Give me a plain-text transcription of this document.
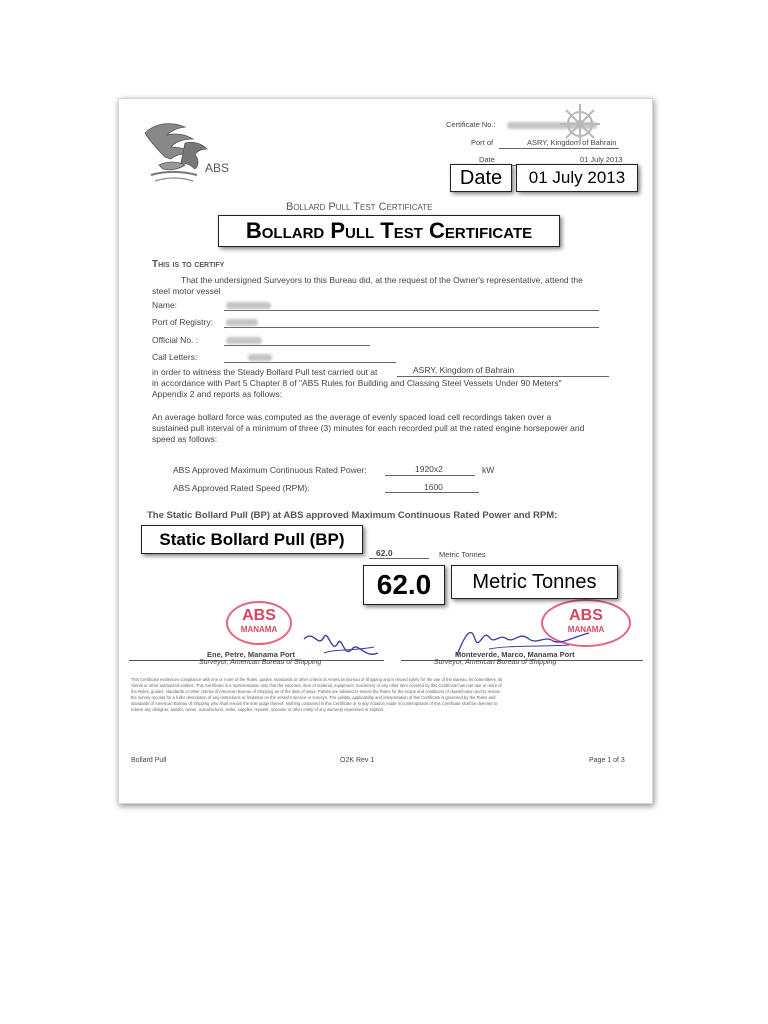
ABS
Certificate No.:
Port of	ASRY, Kingdom of Bahrain
Date	01 July 2013
Bollard Pull Test Certificate
This is to certify
That the undersigned Surveyors to this Bureau did, at the request of the Owner's representative, attend the
steel motor vessel
Name:
Port of Registry:
Official No. :
Call Letters:
in order to witness the Steady Bollard Pull test carried out at	ASRY, Kingdom of Bahrain
in accordance with Part 5 Chapter 8 of "ABS Rules for Building and Classing Steel Vessels Under 90 Meters"
Appendix 2 and reports as follows:
An average bollard force was computed as the average of evenly spaced load cell recordings taken over a
sustained pull interval of a minimum of three (3) minutes for each recorded pull at the rated engine horsepower and
speed as follows:
ABS Approved Maximum Continuous Rated Power:	1920x2	kW
ABS Approved Rated Speed (RPM):	1600
The Static Bollard Pull (BP) at ABS approved Maximum Continuous Rated Power and RPM:
62.0	Metric Tonnes
ABS
MANAMA
ABS
MANAMA
Ene, Petre, Manama Port
Surveyor, American Bureau of Shipping
Monteverde, Marco, Manama Port
Surveyor, American Bureau of Shipping
This Certificate evidences compliance with one or more of the Rules, guides, standards or other criteria of American Bureau of Shipping and is issued solely for the use of the Bureau, its committees, its
clients or other authorized entities. This Certificate is a representation only that the structure, item of material, equipment, machinery or any other item covered by this Certificate has met one or more of
the Rules, guides, standards or other criteria of American Bureau of Shipping as of the date of issue. Parties are advised to review the Rules for the scope and conditions of classification and to review
the survey records for a fuller description of any restrictions or limitation on the vessel's service or surveys. The validity, applicability and interpretation of this Certificate is governed by the Rules and
standards of American Bureau of Shipping who shall remain the sole judge thereof. Nothing contained in this Certificate or in any notation made in contemplation of this Certificate shall be deemed to
relieve any designer, builder, owner, manufacturer, seller, supplier, repairer, operator or other entity of any warranty expressed or implied.
Bollard Pull	O2K Rev 1	Page 1 of 3
Date	01 July 2013
Bollard Pull Test Certificate
Static Bollard Pull (BP)
62.0	Metric Tonnes
